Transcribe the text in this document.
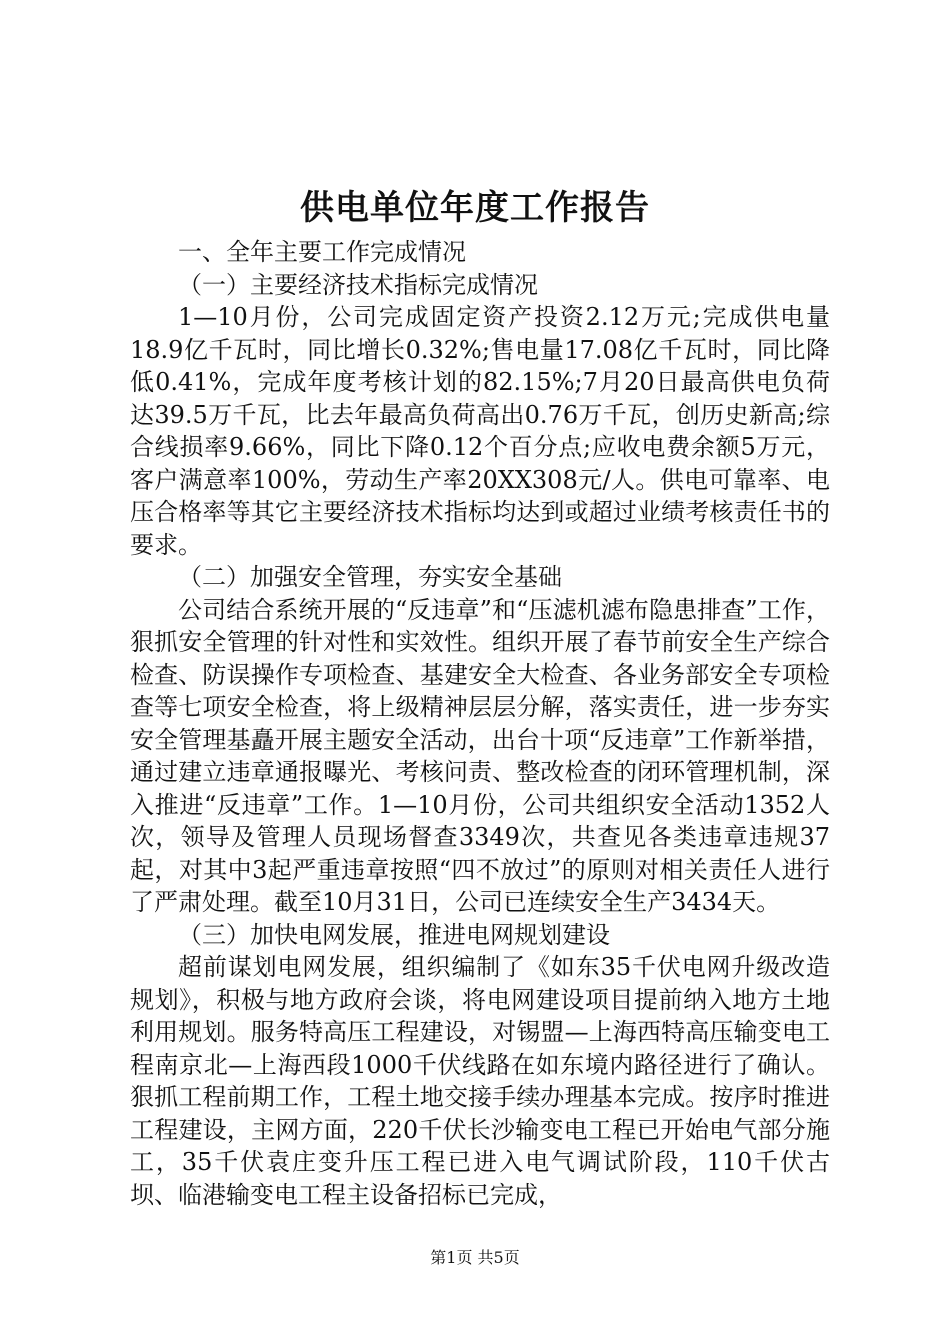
供电单位年度工作报告

一、全年主要工作完成情况

（一）主要经济技术指标完成情况

1—10月份，公司完成固定资产投资2.12万元;完成供电量18.9亿千瓦时，同比增长0.32%;售电量17.08亿千瓦时，同比降低0.41%，完成年度考核计划的82.15%;7月20日最高供电负荷达39.5万千瓦，比去年最高负荷高出0.76万千瓦，创历史新高;综合线损率9.66%，同比下降0.12个百分点;应收电费余额5万元，客户满意率100%，劳动生产率20XX308元/人。供电可靠率、电压合格率等其它主要经济技术指标均达到或超过业绩考核责任书的要求。

（二）加强安全管理，夯实安全基础

公司结合系统开展的“反违章”和“压滤机滤布隐患排查”工作，狠抓安全管理的针对性和实效性。组织开展了春节前安全生产综合检查、防误操作专项检查、基建安全大检查、各业务部安全专项检查等七项安全检查，将上级精神层层分解，落实责任，进一步夯实安全管理基矗开展主题安全活动，出台十项“反违章”工作新举措，通过建立违章通报曝光、考核问责、整改检查的闭环管理机制，深入推进“反违章”工作。1—10月份，公司共组织安全活动1352人次，领导及管理人员现场督查3349次，共查见各类违章违规37起，对其中3起严重违章按照“四不放过”的原则对相关责任人进行了严肃处理。截至10月31日，公司已连续安全生产3434天。

（三）加快电网发展，推进电网规划建设

超前谋划电网发展，组织编制了《如东35千伏电网升级改造规划》，积极与地方政府会谈，将电网建设项目提前纳入地方土地利用规划。服务特高压工程建设，对锡盟—上海西特高压输变电工程南京北—上海西段1000千伏线路在如东境内路径进行了确认。狠抓工程前期工作，工程土地交接手续办理基本完成。按序时推进工程建设，主网方面，220千伏长沙输变电工程已开始电气部分施工，35千伏袁庄变升压工程已进入电气调试阶段，110千伏古坝、临港输变电工程主设备招标已完成，

第1页 共5页
